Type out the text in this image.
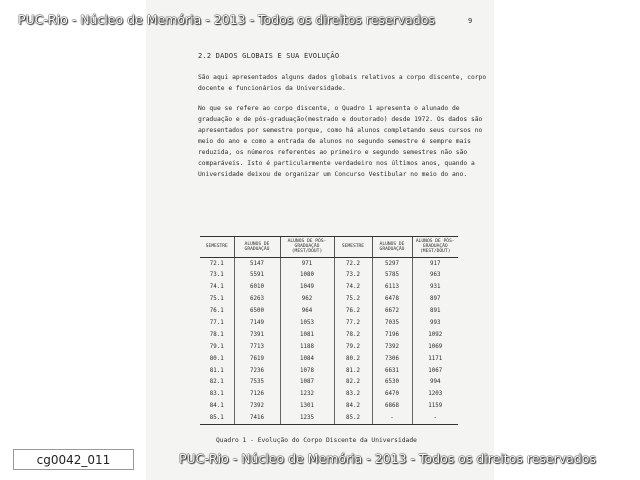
9
2.2 DADOS GLOBAIS E SUA EVOLUÇÃO

São aqui apresentados alguns dados globais relativos a corpo discente, corpo docente e funcionários da Universidade.

No que se refere ao corpo discente, o Quadro 1 apresenta o alunado de graduação e de pós-graduação(mestrado e doutorado) desde 1972. Os dados são apresentados por semestre porque, como há alunos completando seus cursos no meio do ano e como a entrada de alunos no segundo semestre é sempre mais reduzida, os números referentes ao primeiro e segundo semestres não são comparáveis. Isto é particularmente verdadeiro nos últimos anos, quando a Universidade deixou de organizar um Concurso Vestibular no meio do ano.

SEMESTRE	ALUNOS DE GRADUAÇÃO	ALUNOS DE PÓS-GRADUAÇÃO (MEST/DOUT)	SEMESTRE	ALUNOS DE GRADUAÇÃO	ALUNOS DE PÓS-GRADUAÇÃO (MEST/DOUT)
72.1	5147	971	72.2	5297	917
73.1	5591	1080	73.2	5785	963
74.1	6010	1049	74.2	6113	931
75.1	6263	962	75.2	6478	897
76.1	6500	964	76.2	6672	891
77.1	7149	1053	77.2	7035	993
78.1	7391	1081	78.2	7196	1092
79.1	7713	1188	79.2	7392	1069
80.1	7619	1084	80.2	7306	1171
81.1	7236	1078	81.2	6631	1067
82.1	7535	1087	82.2	6530	994
83.1	7126	1232	83.2	6470	1203
84.1	7392	1301	84.2	6868	1159
85.1	7416	1235	85.2	-	-
Quadro 1 - Evolução do Corpo Discente da Universidade
PUC-Rio - Núcleo de Memória - 2013 - Todos os direitos reservados
PUC-Rio - Núcleo de Memória - 2013 - Todos os direitos reservados
cg0042_011
